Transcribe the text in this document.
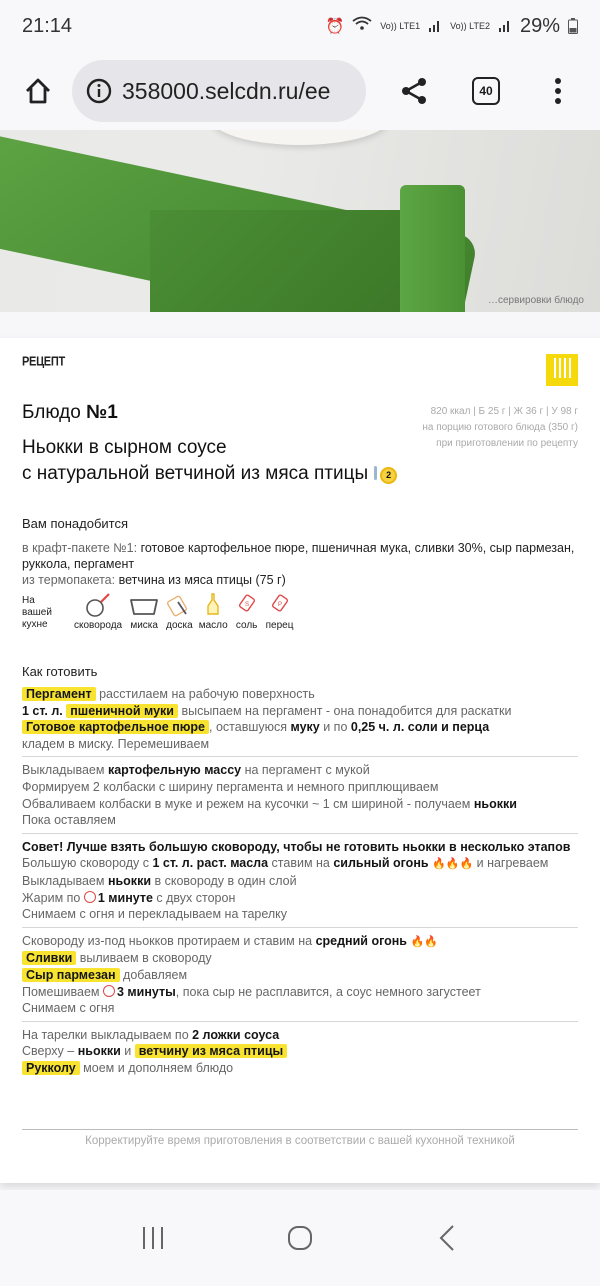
21:14	⏰	Vo)) LTE1	Vo)) LTE2 29%
358000.selcdn.ru/ee	40
…сервировки блюдо
РЕЦЕПТ
Блюдо №1	820 ккал | Б 25 г | Ж 36 г | У 98 г
на порцию готового блюда (350 г)
при приготовлении по рецепту
Ньокки в сырном соусе
с натуральной ветчиной из мяса птицы 2
Вам понадобится
в крафт-пакете №1: готовое картофельное пюре, пшеничная мука, сливки 30%, сыр пармезан, руккола, пергамент
из термопакета: ветчина из мяса птицы (75 г)
На вашей кухне	сковорода миска доска масло
S
соль
P
перец
Как готовить
Пергамент расстилаем на рабочую поверхность
1 ст. л. пшеничной муки высыпаем на пергамент - она понадобится для раскатки
Готовое картофельное пюре , оставшуюся муку и по 0,25 ч. л. соли и перца
кладем в миску. Перемешиваем
Выкладываем картофельную массу на пергамент с мукой
Формируем 2 колбаски с ширину пергамента и немного приплющиваем
Обваливаем колбаски в муке и режем на кусочки ~ 1 см шириной - получаем ньокки
Пока оставляем
Совет! Лучше взять большую сковороду, чтобы не готовить ньокки в несколько этапов
Большую сковороду с 1 ст. л. раст. масла ставим на сильный огонь 🔥🔥🔥 и нагреваем
Выкладываем ньокки в сковороду в один слой
Жарим по 1 минуте с двух сторон
Снимаем с огня и перекладываем на тарелку
Сковороду из-под ньокков протираем и ставим на средний огонь 🔥🔥
Сливки выливаем в сковороду
Сыр пармезан добавляем
Помешиваем 3 минуты, пока сыр не расплавится, а соус немного загустеет
Снимаем с огня
На тарелки выкладываем по 2 ложки соуса
Сверху – ньокки и ветчину из мяса птицы
Рукколу моем и дополняем блюдо
Корректируйте время приготовления в соответствии с вашей кухонной техникой
